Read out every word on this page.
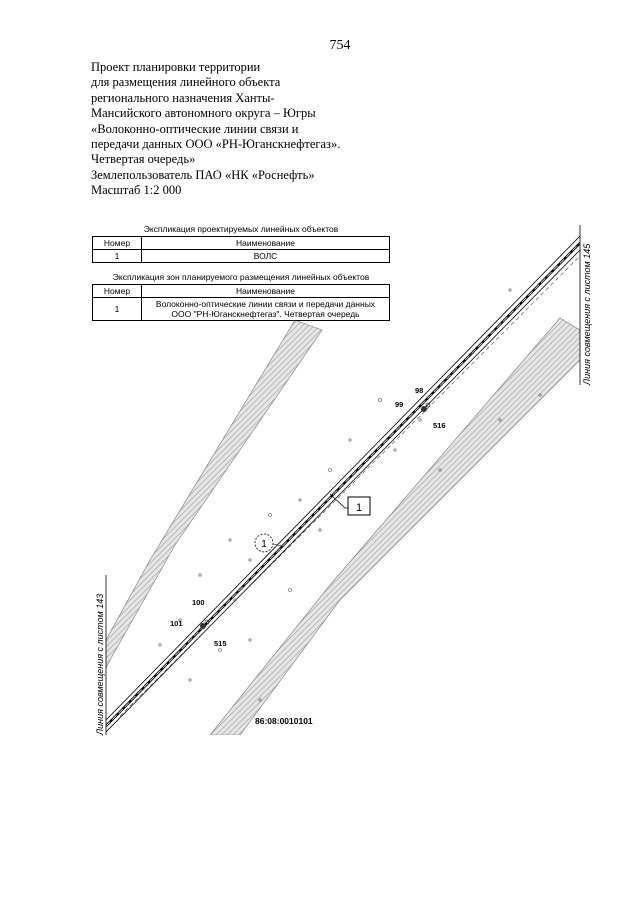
754
Проект планировки территории
для размещения линейного объекта
регионального назначения Ханты-
Мансийского автономного округа – Югры
«Волоконно-оптические линии связи и
передачи данных ООО «РН-Юганскнефтегаз».
Четвертая очередь»
Землепользователь ПАО «НК «Роснефть»
Масштаб 1:2 000
98
99
516
100
101
515
1
1
86:08:0010101
Линия совмещения с листом 143
Линия совмещения с листом 145
Экспликация проектируемых линейных объектов
Номер	Наименование
1	ВОЛС
Экспликация зон планируемого размещения линейных объектов
Номер	Наименование
1	Волоконно-оптические линии связи и передачи данных
ООО "РН-Юганскнефтегаз". Четвертая очередь
